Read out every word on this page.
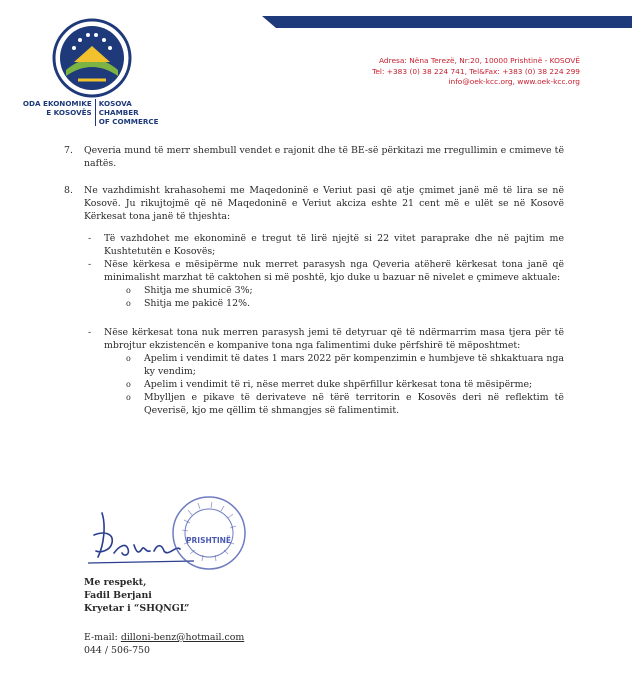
ODA EKONOMIKE
E KOSOVËS
KOSOVA CHAMBER
OF COMMERCE
Adresa: Nëna Terezë, Nr:20, 10000 Prishtinë - KOSOVË
Tel: +383 (0) 38 224 741, Tel&Fax: +383 (0) 38 224 299
info@oek-kcc.org, www.oek-kcc.org
7.	Qeveria mund të merr shembull vendet e rajonit dhe të BE-së përkitazi me rregullimin e cmimeve të naftës.

8.	Ne vazhdimisht krahasohemi me Maqedoninë e Veriut pasi që atje çmimet janë më të lira se në Kosovë. Ju rikujtojmë që në Maqedoninë e Veriut akciza eshte 21 cent më e ulët se në Kosovë Kërkesat tona janë të thjeshta:

- Të vazhdohet me ekonominë e tregut të lirë njejtë si 22 vitet paraprake dhe në pajtim me Kushtetutën e Kosovës;
- Nëse kërkesa e mësipërme nuk merret parasysh nga Qeveria atëherë kërkesat tona janë që minimalisht marzhat të caktohen si më poshtë, kjo duke u bazuar në nivelet e çmimeve aktuale:
o Shitja me shumicë 3%;
o Shitja me pakicë 12%.
- Nëse kërkesat tona nuk merren parasysh jemi të detyruar që të ndërmarrim masa tjera për të mbrojtur ekzistencën e kompanive tona nga falimentimi duke përfshirë të mëposhtmet:
o Apelim i vendimit të dates 1 mars 2022 për kompenzimin e humbjeve të shkaktuara nga ky vendim;
o Apelim i vendimit të ri, nëse merret duke shpërfillur kërkesat tona të mësipërme;
o Mbylljen e pikave të derivateve në tërë territorin e Kosovës deri në reflektim të Qeverisë, kjo me qëllim të shmangjes së falimentimit.
PRISHTINË
Me respekt,
Fadil Berjani
Kryetar i “SHQNGL”
E-mail: dilloni-benz@hotmail.com
044 / 506-750
